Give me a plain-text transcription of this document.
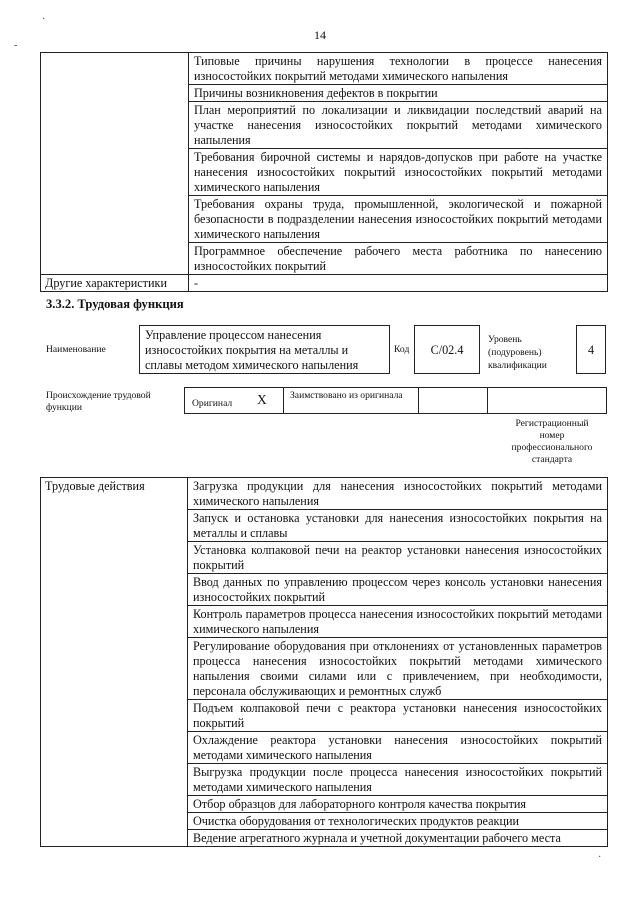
·
-
14
	Типовые причины нарушения технологии в процессе нанесения износостойких покрытий методами химического напыления
	Причины возникновения дефектов в покрытии
	План мероприятий по локализации и ликвидации последствий аварий на участке нанесения износостойких покрытий методами химического напыления
	Требования бирочной системы и нарядов-допусков при работе на участке нанесения износостойких покрытий износостойких покрытий методами химического напыления
	Требования охраны труда, промышленной, экологической и пожарной безопасности в подразделении нанесения износостойких покрытий методами химического напыления
	Программное обеспечение рабочего места работника по нанесению износостойких покрытий
Другие характеристики	-
3.3.2. Трудовая функция
Наименование
Управление процессом нанесения износостойких покрытия на металлы и сплавы методом химического напыления
Код	С/02.4
Уровень (подуровень) квалификации
4
Происхождение трудовой функции	Оригинал Х Заимствовано из оригинала
Регистрационный номер профессионального стандарта
Трудовые действия	Загрузка продукции для нанесения износостойких покрытий методами химического напыления
Запуск и остановка установки для нанесения износостойких покрытия на металлы и сплавы
Установка колпаковой печи на реактор установки нанесения износостойких покрытий
Ввод данных по управлению процессом через консоль установки нанесения износостойких покрытий
Контроль параметров процесса нанесения износостойких покрытий методами химического напыления
Регулирование оборудования при отклонениях от установленных параметров процесса нанесения износостойких покрытий методами химического напыления своими силами или с привлечением, при необходимости, персонала обслуживающих и ремонтных служб
Подъем колпаковой печи с реактора установки нанесения износостойких покрытий
Охлаждение реактора установки нанесения износостойких покрытий методами химического напыления
Выгрузка продукции после процесса нанесения износостойких покрытий методами химического напыления
Отбор образцов для лабораторного контроля качества покрытия
Очистка оборудования от технологических продуктов реакции
Ведение агрегатного журнала и учетной документации рабочего места
·
